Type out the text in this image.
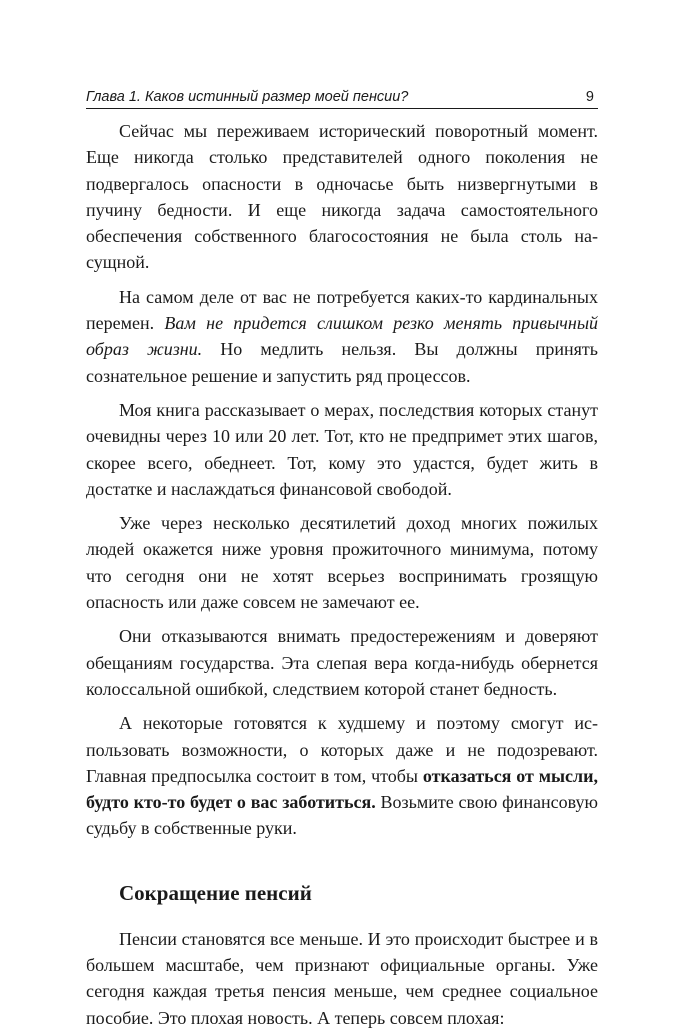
Глава 1. Каков истинный размер моей пенсии?	9

Сейчас мы переживаем исторический поворотный момент. Еще никогда столько представителей одного поколения не подвергалось опасности в одночасье быть низвергнутыми в пучину бедности. И еще никогда задача самостоятельного обеспечения собственного благосостояния не была столь насущной.

На самом деле от вас не потребуется каких-то кардинальных перемен. Вам не придется слишком резко менять привычный образ жизни. Но медлить нельзя. Вы должны принять сознательное решение и запустить ряд процессов.

Моя книга рассказывает о мерах, последствия которых станут очевидны через 10 или 20 лет. Тот, кто не предпримет этих шагов, скорее всего, обеднеет. Тот, кому это удастся, будет жить в достатке и наслаждаться финансовой свободой.

Уже через несколько десятилетий доход многих пожилых людей окажется ниже уровня прожиточного минимума, потому что сегодня они не хотят всерьез воспринимать грозящую опасность или даже совсем не замечают ее.

Они отказываются внимать предостережениям и доверяют обещаниям государства. Эта слепая вера когда-нибудь обернется колоссальной ошибкой, следствием которой станет бедность.

А некоторые готовятся к худшему и поэтому смогут использовать возможности, о которых даже и не подозревают. Главная предпосылка состоит в том, чтобы отказаться от мысли, будто кто-то будет о вас заботиться. Возьмите свою финансовую судьбу в собственные руки.

Сокращение пенсий

Пенсии становятся все меньше. И это происходит быстрее и в большем масштабе, чем признают официальные органы. Уже сегодня каждая третья пенсия меньше, чем среднее социальное пособие. Это плохая новость. А теперь совсем плохая:
